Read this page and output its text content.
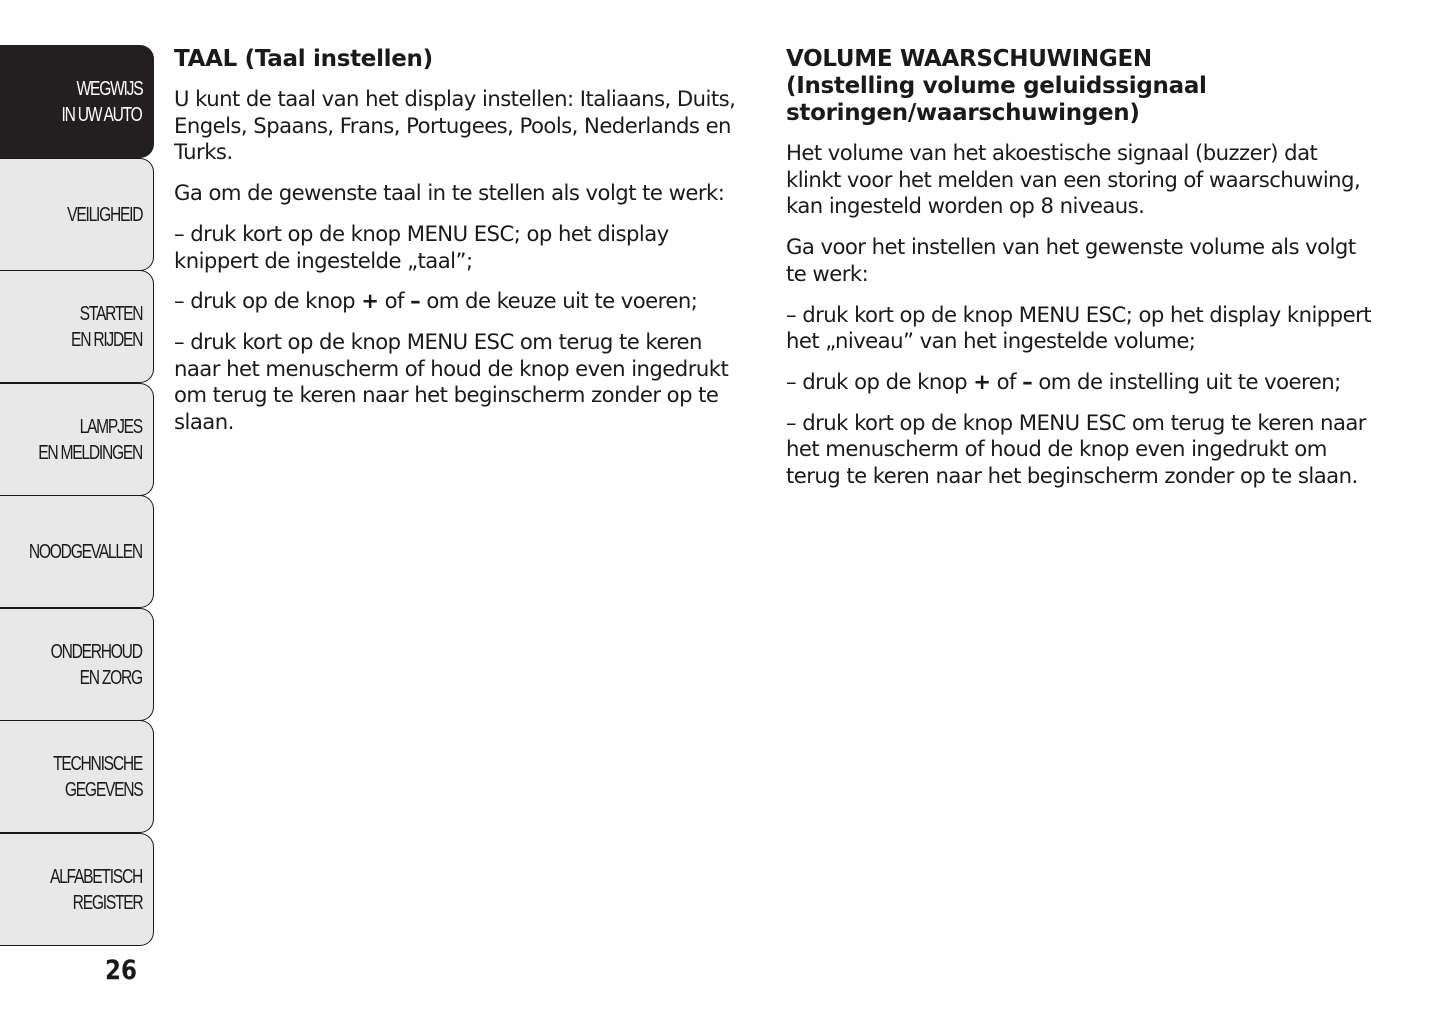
WEGWIJS
IN UW AUTO
VEILIGHEID
STARTEN
EN RIJDEN
LAMPJES
EN MELDINGEN
NOODGEVALLEN
ONDERHOUD
EN ZORG
TECHNISCHE
GEGEVENS
ALFABETISCH
REGISTER
26
TAAL (Taal instellen)

U kunt de taal van het display instellen: Italiaans, Duits, Engels, Spaans, Frans, Portugees, Pools, Nederlands en Turks.

Ga om de gewenste taal in te stellen als volgt te werk:

– druk kort op de knop MENU ESC; op het display knippert de ingestelde „taal”;

– druk op de knop + of – om de keuze uit te voeren;

– druk kort op de knop MENU ESC om terug te keren naar het menuscherm of houd de knop even ingedrukt om terug te keren naar het beginscherm zonder op te slaan.

VOLUME WAARSCHUWINGEN
(Instelling volume geluidssignaal storingen/waarschuwingen)

Het volume van het akoestische signaal (buzzer) dat klinkt voor het melden van een storing of waarschuwing, kan ingesteld worden op 8 niveaus.

Ga voor het instellen van het gewenste volume als volgt te werk:

– druk kort op de knop MENU ESC; op het display knippert het „niveau” van het ingestelde volume;

– druk op de knop + of – om de instelling uit te voeren;

– druk kort op de knop MENU ESC om terug te keren naar het menuscherm of houd de knop even ingedrukt om terug te keren naar het beginscherm zonder op te slaan.
